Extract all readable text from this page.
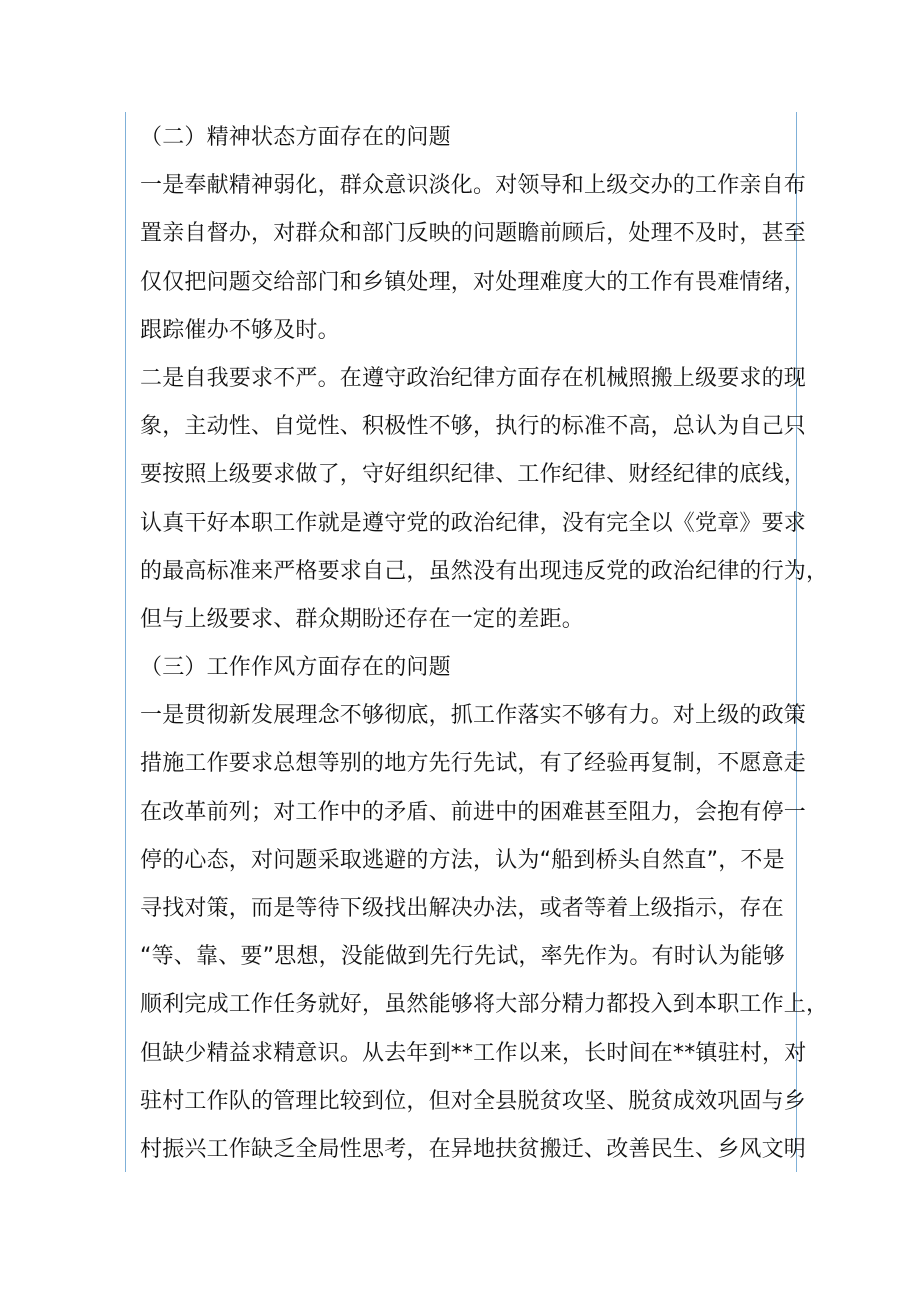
（二）精神状态方面存在的问题
一是奉献精神弱化，群众意识淡化。对领导和上级交办的工作亲自布
置亲自督办，对群众和部门反映的问题瞻前顾后，处理不及时，甚至
仅仅把问题交给部门和乡镇处理，对处理难度大的工作有畏难情绪，
跟踪催办不够及时。
二是自我要求不严。在遵守政治纪律方面存在机械照搬上级要求的现
象，主动性、自觉性、积极性不够，执行的标准不高，总认为自己只
要按照上级要求做了，守好组织纪律、工作纪律、财经纪律的底线，
认真干好本职工作就是遵守党的政治纪律，没有完全以《党章》要求
的最高标准来严格要求自己，虽然没有出现违反党的政治纪律的行为，
但与上级要求、群众期盼还存在一定的差距。
（三）工作作风方面存在的问题
一是贯彻新发展理念不够彻底，抓工作落实不够有力。对上级的政策
措施工作要求总想等别的地方先行先试，有了经验再复制，不愿意走
在改革前列；对工作中的矛盾、前进中的困难甚至阻力，会抱有停一
停的心态，对问题采取逃避的方法，认为“船到桥头自然直”，不是
寻找对策，而是等待下级找出解决办法，或者等着上级指示，存在
“等、靠、要”思想，没能做到先行先试，率先作为。有时认为能够
顺利完成工作任务就好，虽然能够将大部分精力都投入到本职工作上，
但缺少精益求精意识。从去年到**工作以来，长时间在**镇驻村，对
驻村工作队的管理比较到位，但对全县脱贫攻坚、脱贫成效巩固与乡
村振兴工作缺乏全局性思考，在异地扶贫搬迁、改善民生、乡风文明
